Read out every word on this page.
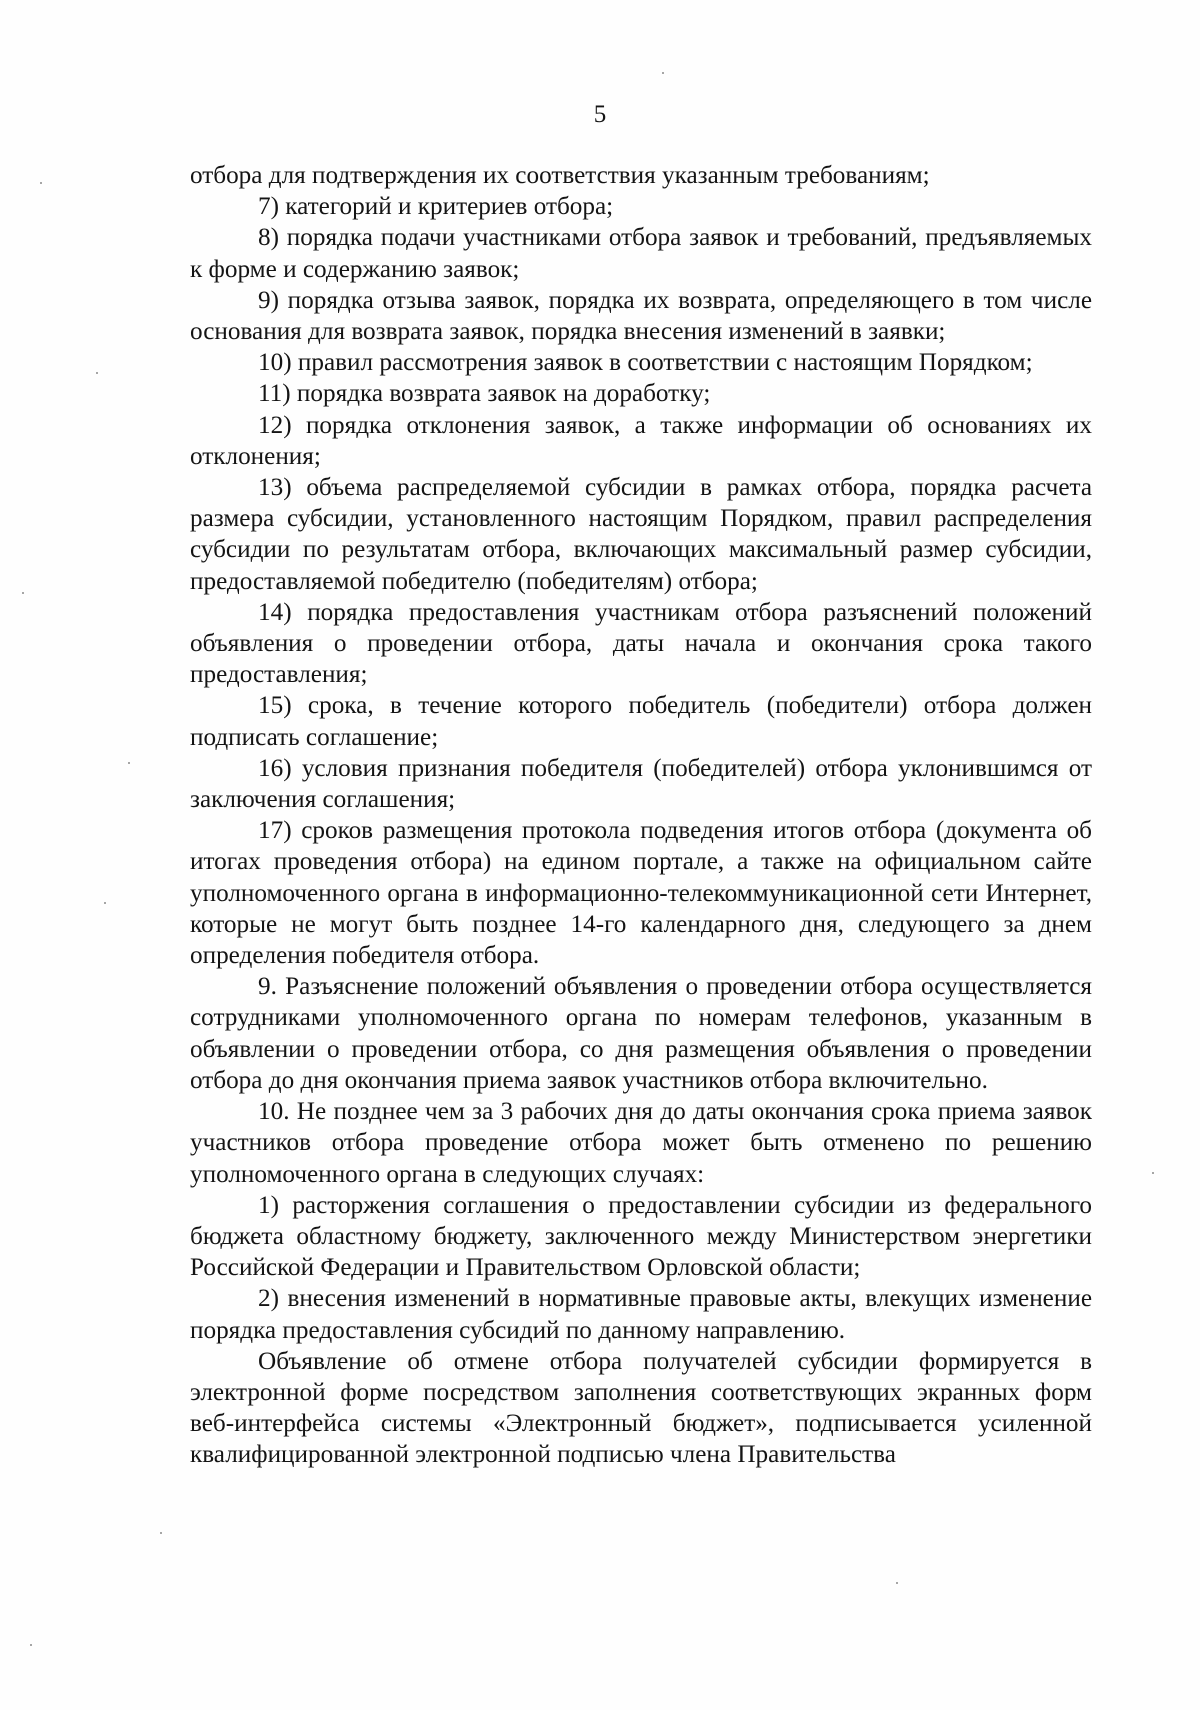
5

отбора для подтверждения их соответствия указанным требованиям;

7) категорий и критериев отбора;

8) порядка подачи участниками отбора заявок и требований, предъявляемых к форме и содержанию заявок;

9) порядка отзыва заявок, порядка их возврата, определяющего в том числе основания для возврата заявок, порядка внесения изменений в заявки;

10) правил рассмотрения заявок в соответствии с настоящим Порядком;

11) порядка возврата заявок на доработку;

12) порядка отклонения заявок, а также информации об основаниях их отклонения;

13) объема распределяемой субсидии в рамках отбора, порядка расчета размера субсидии, установленного настоящим Порядком, правил распределения субсидии по результатам отбора, включающих максимальный размер субсидии, предоставляемой победителю (победителям) отбора;

14) порядка предоставления участникам отбора разъяснений положений объявления о проведении отбора, даты начала и окончания срока такого предоставления;

15) срока, в течение которого победитель (победители) отбора должен подписать соглашение;

16) условия признания победителя (победителей) отбора уклонившимся от заключения соглашения;

17) сроков размещения протокола подведения итогов отбора (документа об итогах проведения отбора) на едином портале, а также на официальном сайте уполномоченного органа в информационно-телекоммуникационной сети Интернет, которые не могут быть позднее 14-го календарного дня, следующего за днем определения победителя отбора.

9. Разъяснение положений объявления о проведении отбора осуществляется сотрудниками уполномоченного органа по номерам телефонов, указанным в объявлении о проведении отбора, со дня размещения объявления о проведении отбора до дня окончания приема заявок участников отбора включительно.

10. Не позднее чем за 3 рабочих дня до даты окончания срока приема заявок участников отбора проведение отбора может быть отменено по решению уполномоченного органа в следующих случаях:

1) расторжения соглашения о предоставлении субсидии из федерального бюджета областному бюджету, заключенного между Министерством энергетики Российской Федерации и Правительством Орловской области;

2) внесения изменений в нормативные правовые акты, влекущих изменение порядка предоставления субсидий по данному направлению.

Объявление об отмене отбора получателей субсидии формируется в электронной форме посредством заполнения соответствующих экранных форм веб-интерфейса системы «Электронный бюджет», подписывается усиленной квалифицированной электронной подписью члена Правительства
